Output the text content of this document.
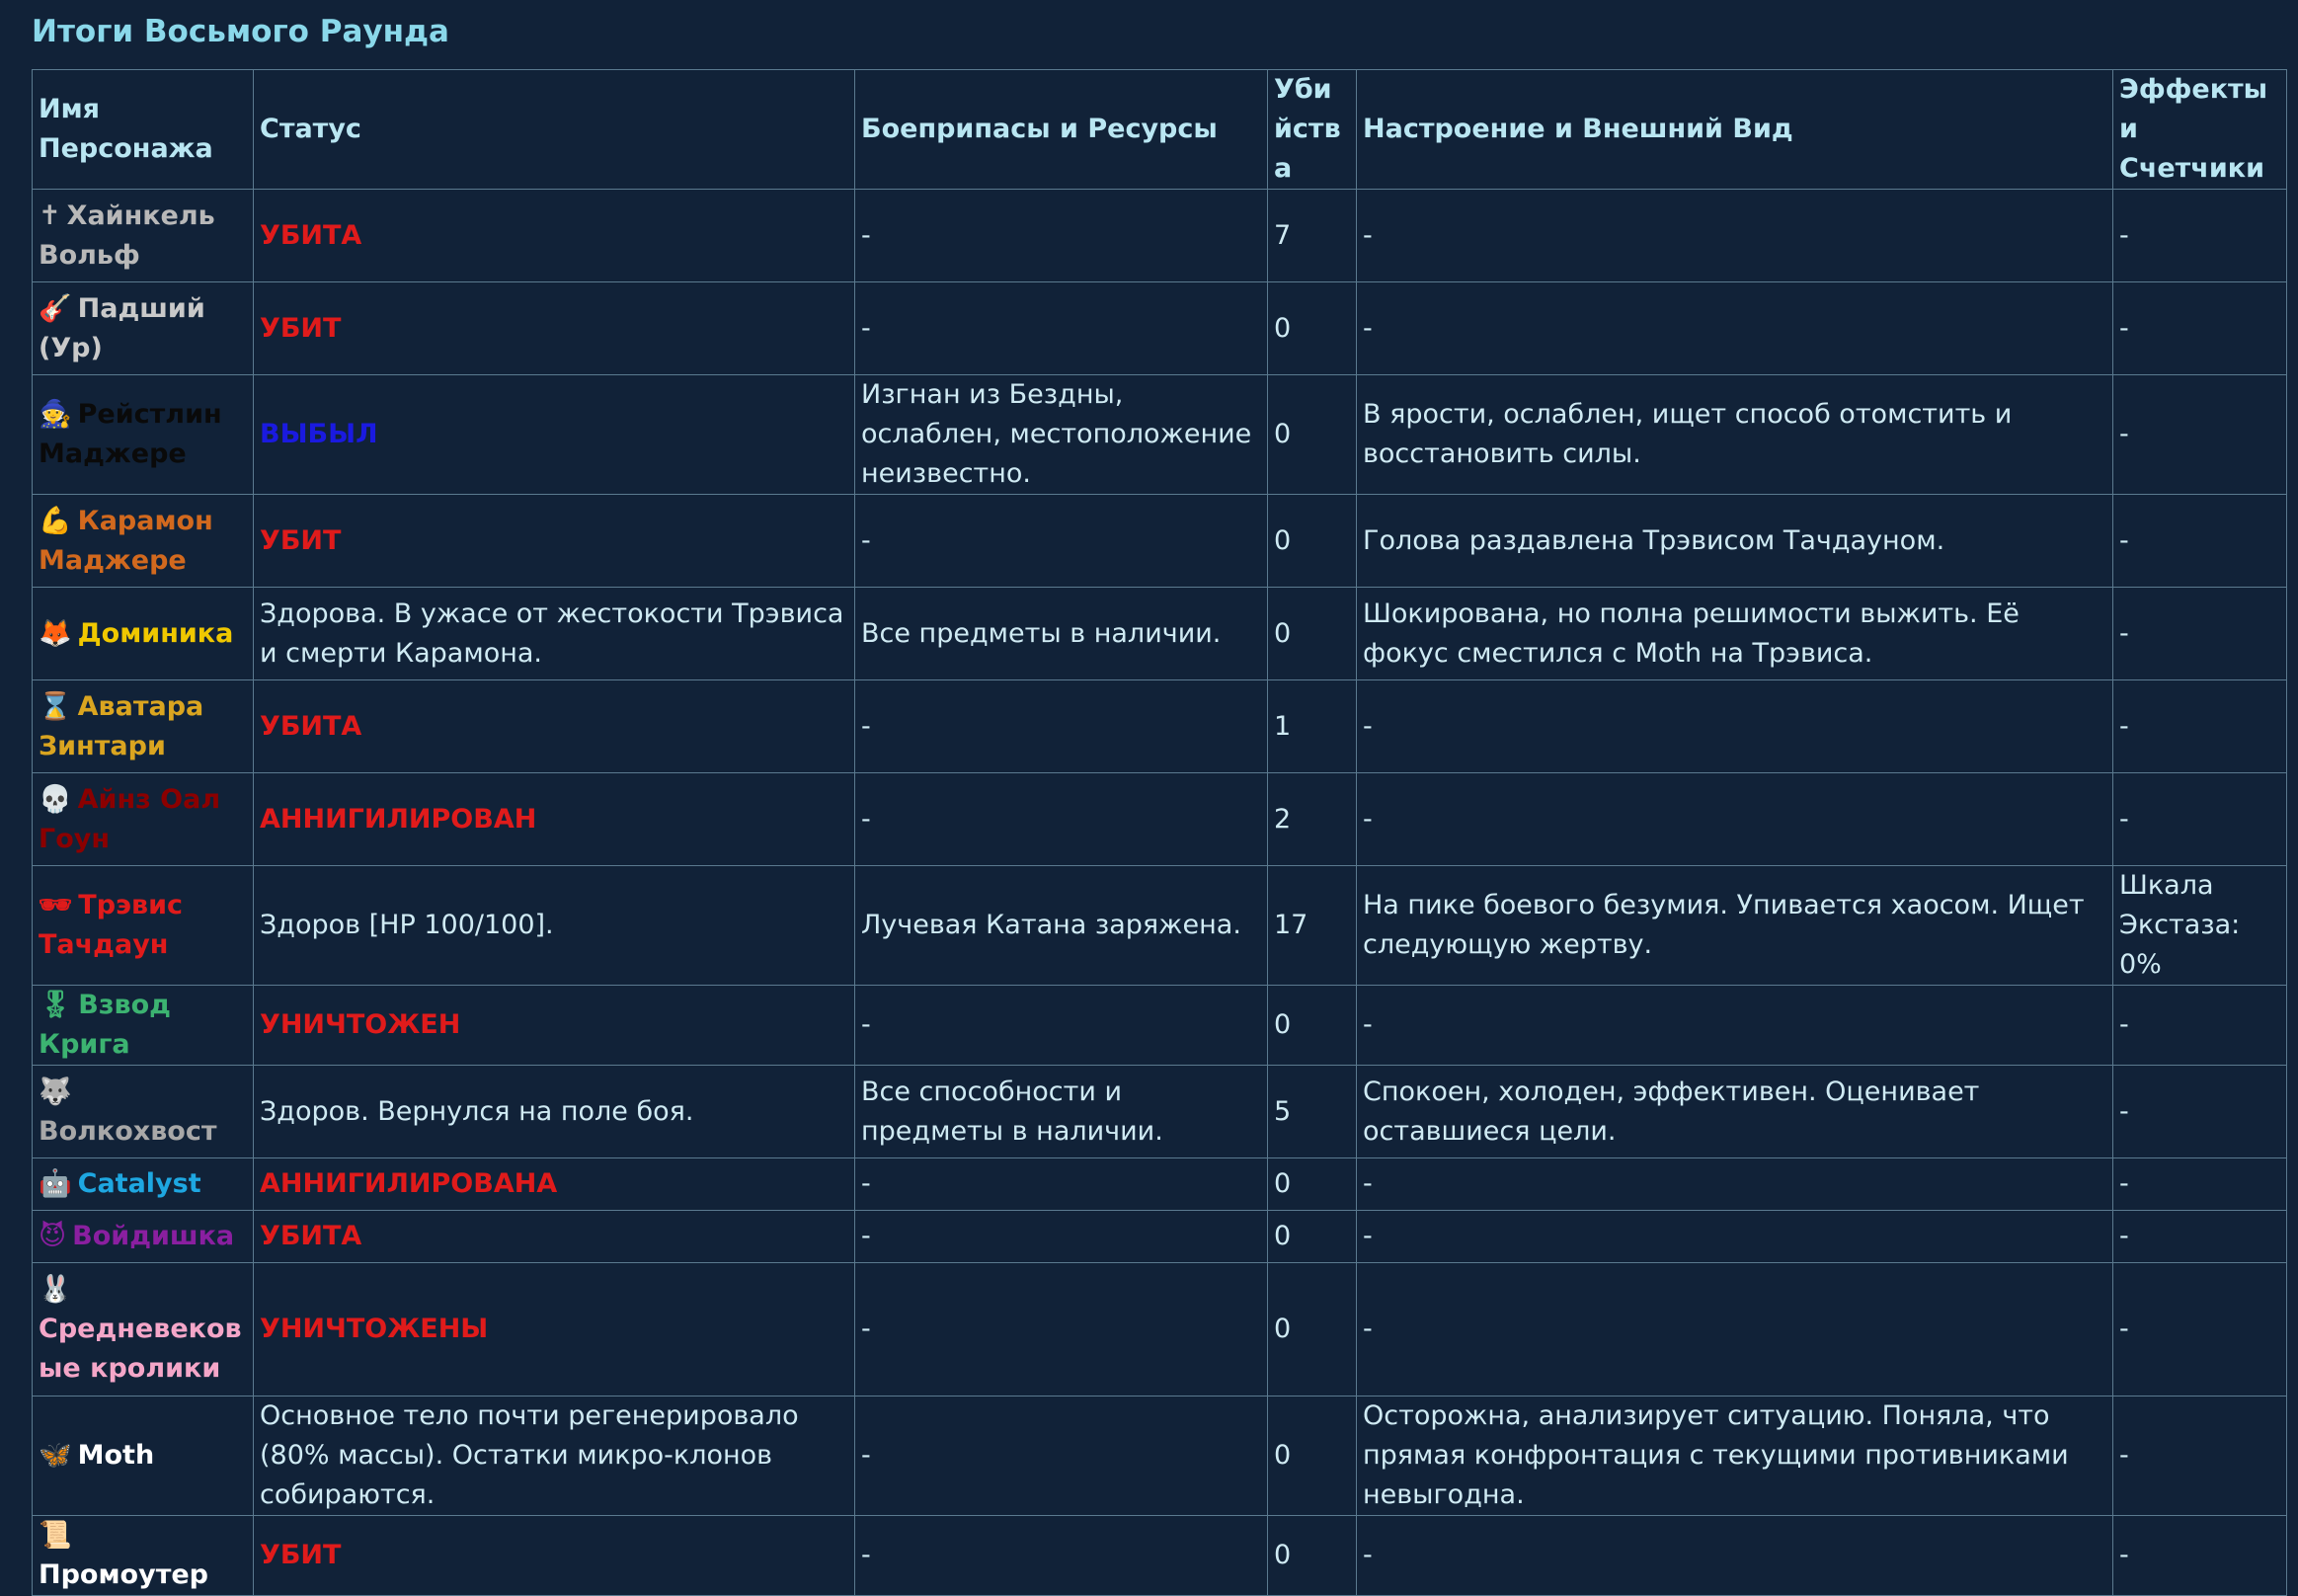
Итоги Восьмого Раунда
Имя Персонажа	Статус	Боеприпасы и Ресурсы	Убийства	Настроение и Внешний Вид	Эффекты и Счетчики
✝ Хайнкель Вольф	УБИТА	-	7	-	-
🎸 Падший (Ур)	УБИТ	-	0	-	-
🧙 Рейстлин Маджере	ВЫБЫЛ	Изгнан из Бездны, ослаблен, местоположение неизвестно.	0	В ярости, ослаблен, ищет способ отомстить и восстановить силы.	-
💪 Карамон Маджере	УБИТ	-	0	Голова раздавлена Трэвисом Тачдауном.	-
🦊 Доминика	Здорова. В ужасе от жестокости Трэвиса и смерти Карамона.	Все предметы в наличии.	0	Шокирована, но полна решимости выжить. Её фокус сместился с Moth на Трэвиса.	-
⌛ Аватара Зинтари	УБИТА	-	1	-	-
💀 Айнз Оал Гоун	АННИГИЛИРОВАН	-	2	-	-
🕶 Трэвис Тачдаун	Здоров [HP 100/100].	Лучевая Катана заряжена.	17	На пике боевого безумия. Упивается хаосом. Ищет следующую жертву.	Шкала Экстаза: 0%
🎖 Взвод Крига	УНИЧТОЖЕН	-	0	-	-
🐺Волкохвост	Здоров. Вернулся на поле боя.	Все способности и предметы в наличии.	5	Спокоен, холоден, эффективен. Оценивает оставшиеся цели.	-
🤖 Catalyst	АННИГИЛИРОВАНА	-	0	-	-
😈 Войдишка	УБИТА	-	0	-	-
🐰Средневековые кролики	УНИЧТОЖЕНЫ	-	0	-	-
🦋 Moth	Основное тело почти регенерировало (80% массы). Остатки микро-клонов собираются.	-	0	Осторожна, анализирует ситуацию. Поняла, что прямая конфронтация с текущими противниками невыгодна.	-
📜Промоутер	УБИТ	-	0	-	-
